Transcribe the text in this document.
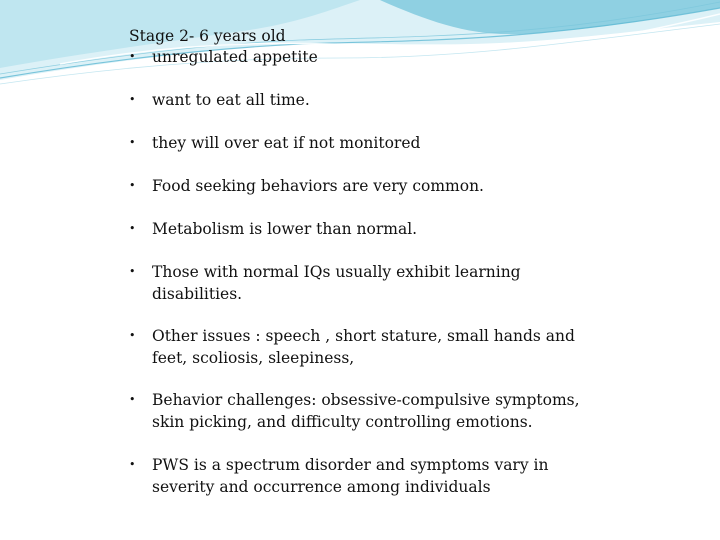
Stage 2- 6 years old
• unregulated appetite
• want to eat all time.
• they will over eat if not monitored
• Food seeking behaviors are very common.
• Metabolism is lower than normal.
• Those with normal IQs usually exhibit learning disabilities.
• Other issues : speech , short stature, small hands and feet, scoliosis, sleepiness,
• Behavior challenges: obsessive-compulsive symptoms, skin picking, and difficulty controlling emotions.
• PWS is a spectrum disorder and symptoms vary in severity and occurrence among individuals
